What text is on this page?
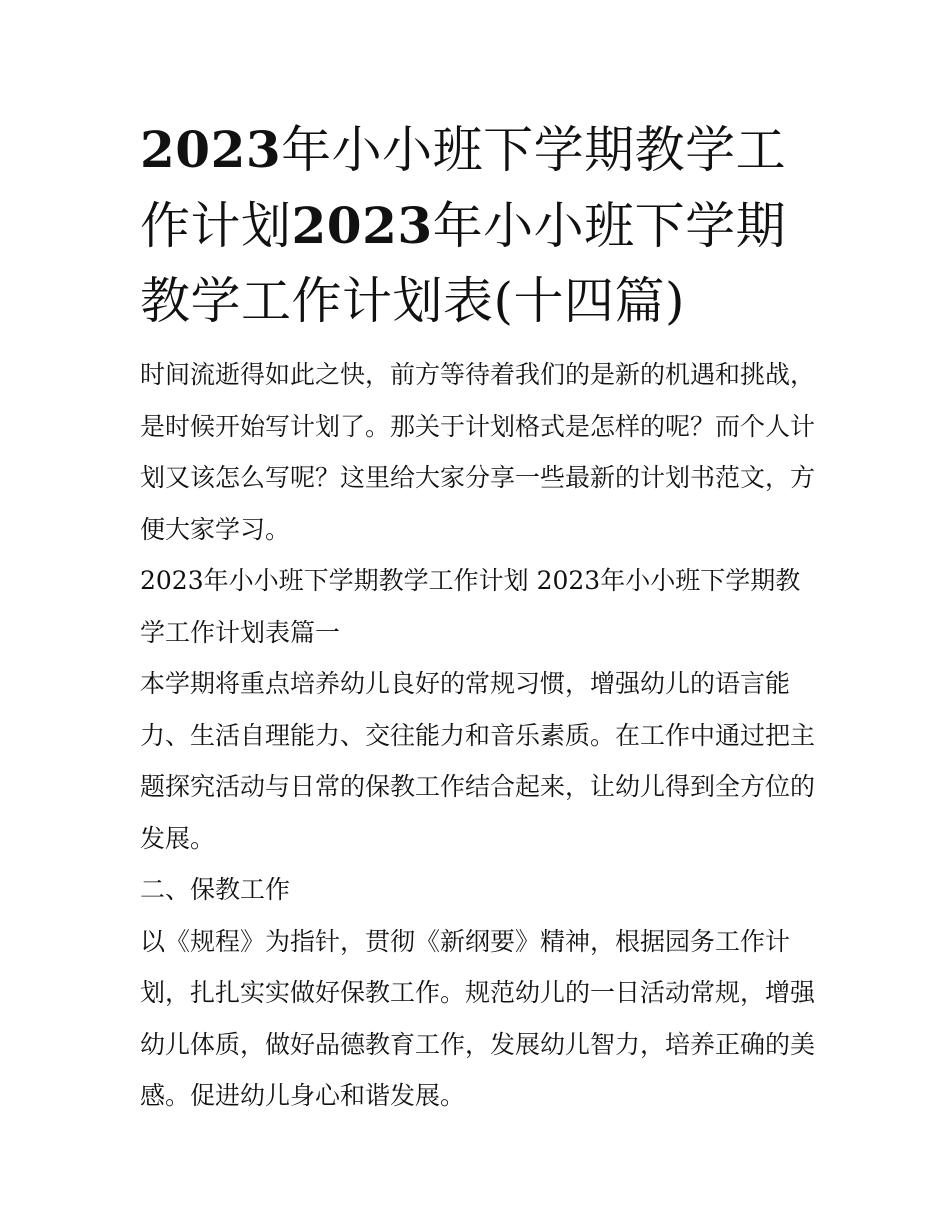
2023年小小班下学期教学工作计划2023年小小班下学期教学工作计划表(十四篇)

时间流逝得如此之快，前方等待着我们的是新的机遇和挑战，是时候开始写计划了。那关于计划格式是怎样的呢？而个人计划又该怎么写呢？这里给大家分享一些最新的计划书范文，方便大家学习。

2023年小小班下学期教学工作计划 2023年小小班下学期教学工作计划表篇一

本学期将重点培养幼儿良好的常规习惯，增强幼儿的语言能力、生活自理能力、交往能力和音乐素质。在工作中通过把主题探究活动与日常的保教工作结合起来，让幼儿得到全方位的发展。

二、保教工作

以《规程》为指针，贯彻《新纲要》精神，根据园务工作计划，扎扎实实做好保教工作。规范幼儿的一日活动常规，增强幼儿体质，做好品德教育工作，发展幼儿智力，培养正确的美感。促进幼儿身心和谐发展。
